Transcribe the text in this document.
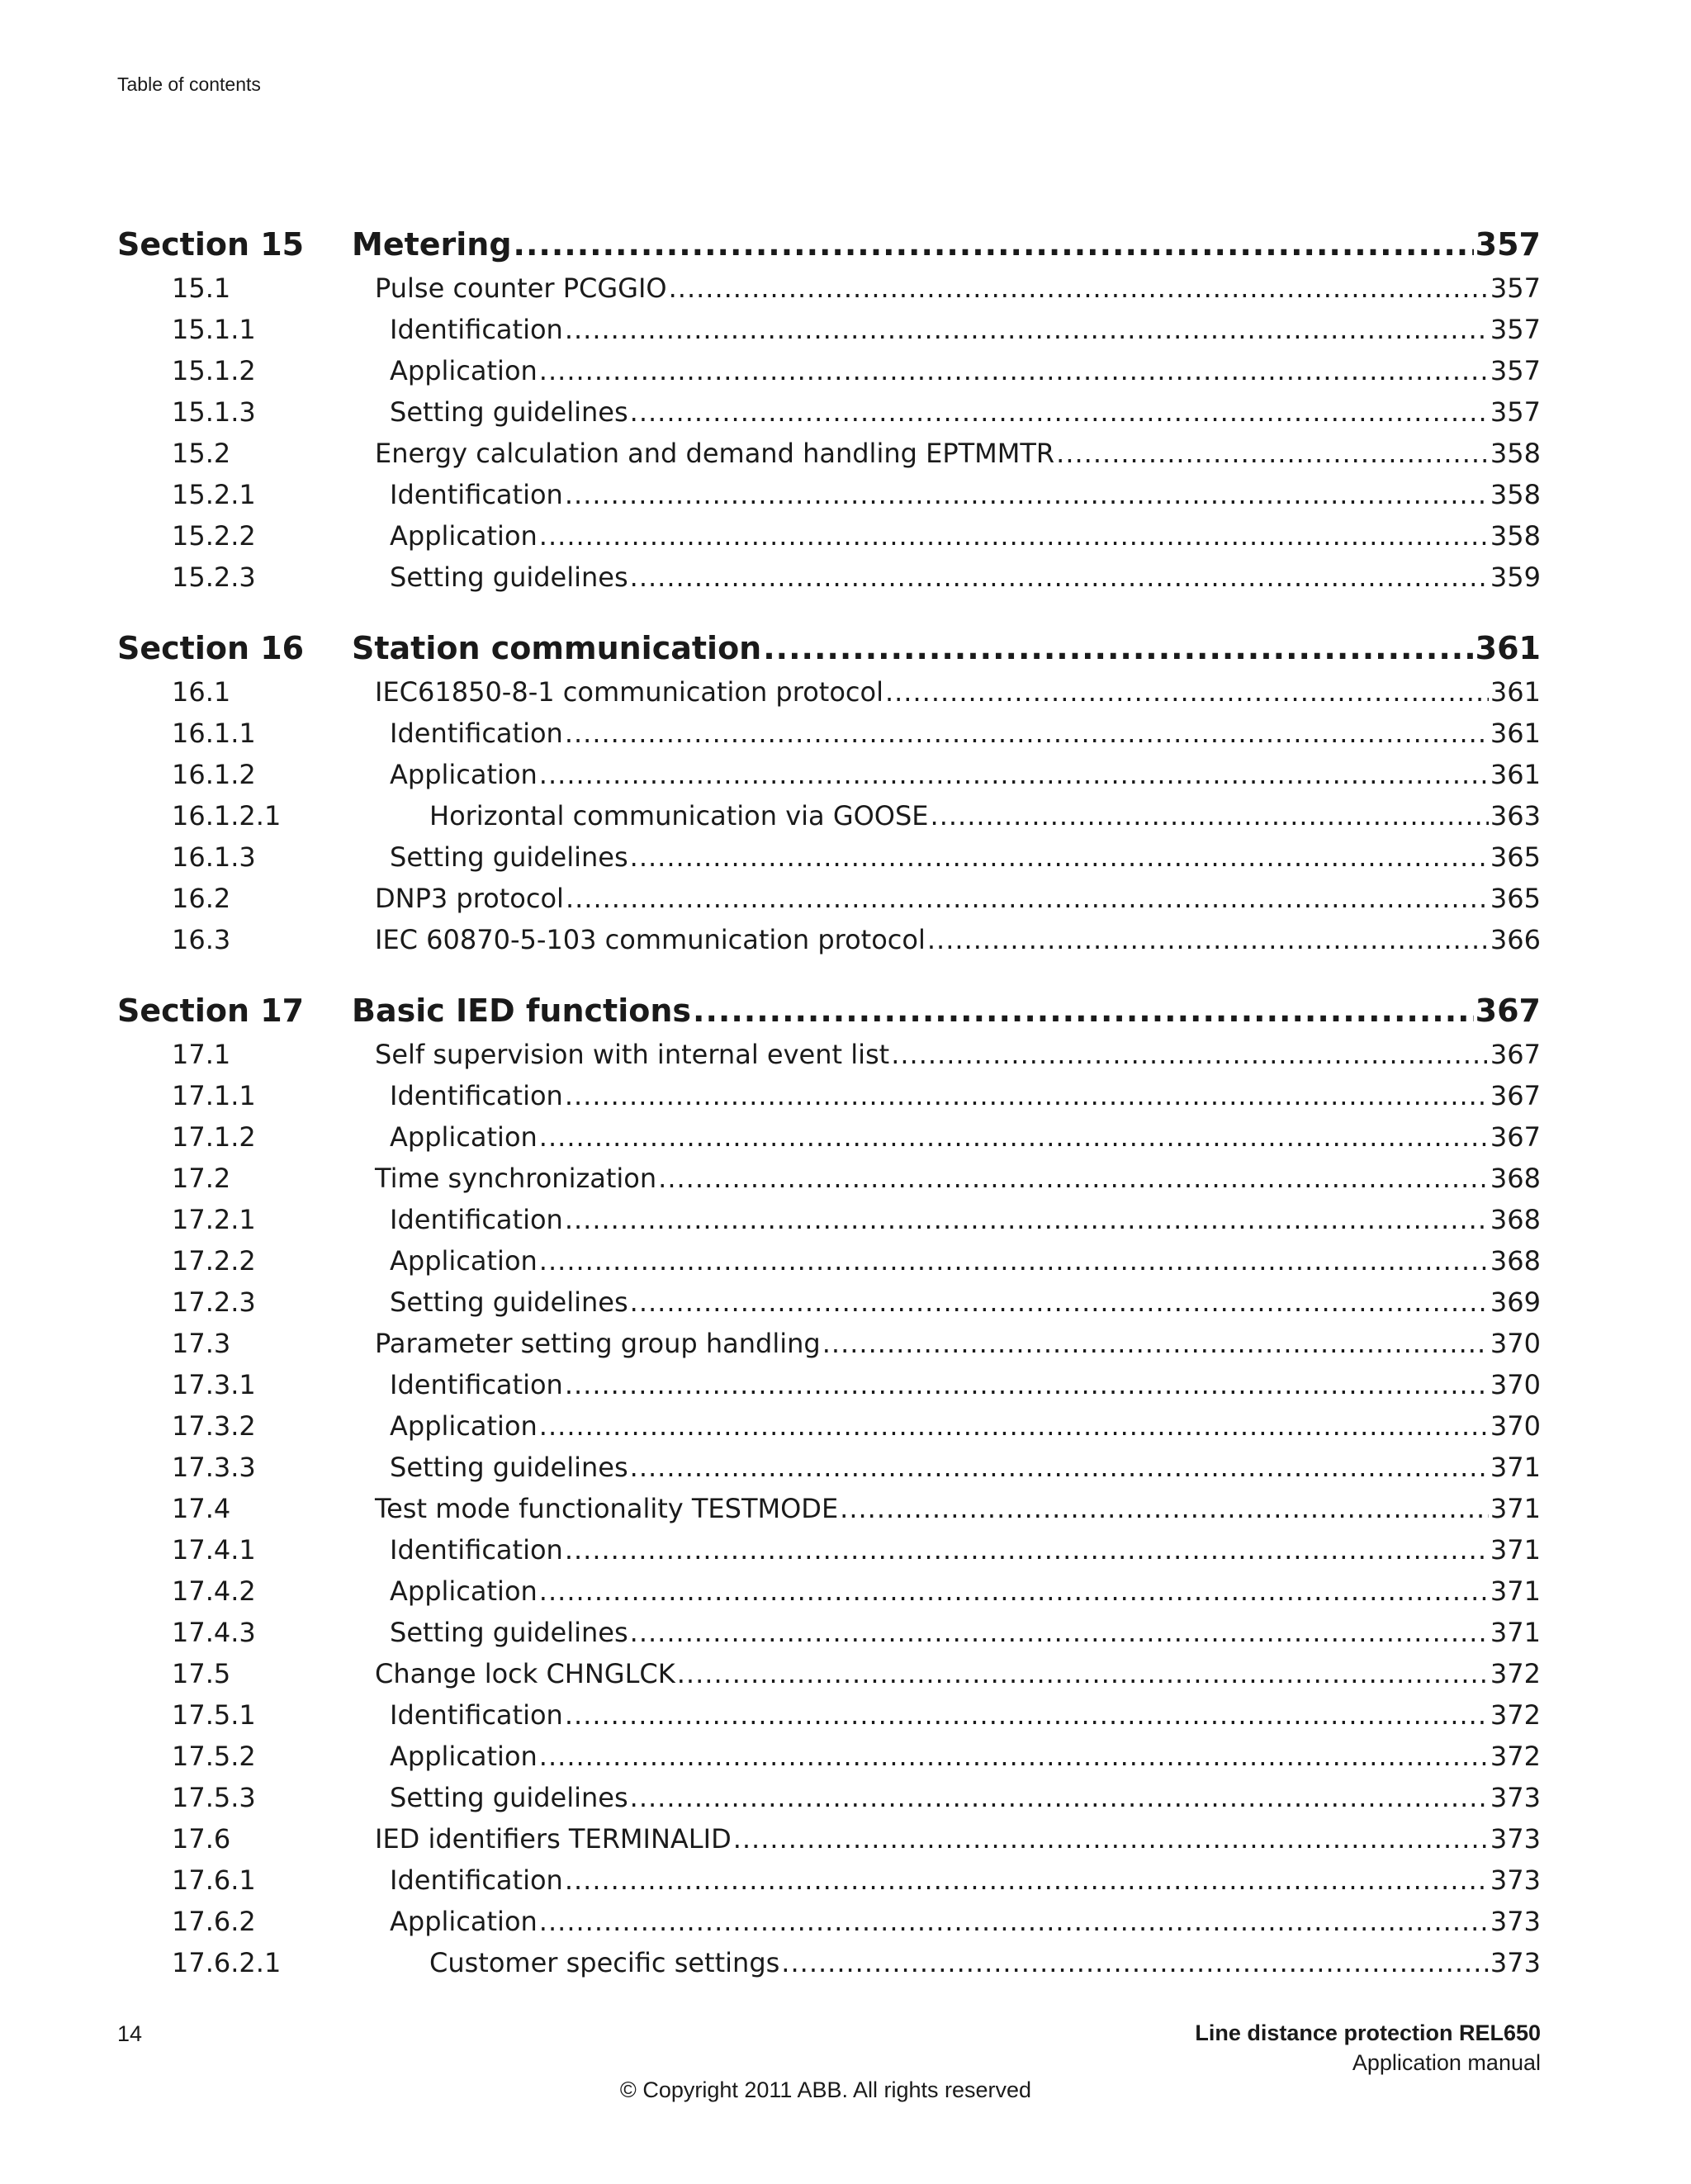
Table of contents
Section 15	Metering .....	357
15.1	Pulse counter PCGGIO .....	357
15.1.1	Identification .....	357
15.1.2	Application .....	357
15.1.3	Setting guidelines .....	357
15.2	Energy calculation and demand handling EPTMMTR .....	358
15.2.1	Identification .....	358
15.2.2	Application .....	358
15.2.3	Setting guidelines .....	359
Section 16	Station communication .....	361
16.1	IEC61850-8-1 communication protocol .....	361
16.1.1	Identification .....	361
16.1.2	Application .....	361
16.1.2.1	Horizontal communication via GOOSE .....	363
16.1.3	Setting guidelines .....	365
16.2	DNP3 protocol .....	365
16.3	IEC 60870-5-103 communication protocol .....	366
Section 17	Basic IED functions .....	367
17.1	Self supervision with internal event list .....	367
17.1.1	Identification .....	367
17.1.2	Application .....	367
17.2	Time synchronization .....	368
17.2.1	Identification .....	368
17.2.2	Application .....	368
17.2.3	Setting guidelines .....	369
17.3	Parameter setting group handling .....	370
17.3.1	Identification .....	370
17.3.2	Application .....	370
17.3.3	Setting guidelines .....	371
17.4	Test mode functionality TESTMODE .....	371
17.4.1	Identification .....	371
17.4.2	Application .....	371
17.4.3	Setting guidelines .....	371
17.5	Change lock CHNGLCK .....	372
17.5.1	Identification .....	372
17.5.2	Application .....	372
17.5.3	Setting guidelines .....	373
17.6	IED identifiers TERMINALID .....	373
17.6.1	Identification .....	373
17.6.2	Application .....	373
17.6.2.1	Customer specific settings .....	373
14	Line distance protection REL650
Application manual
© Copyright 2011 ABB. All rights reserved
